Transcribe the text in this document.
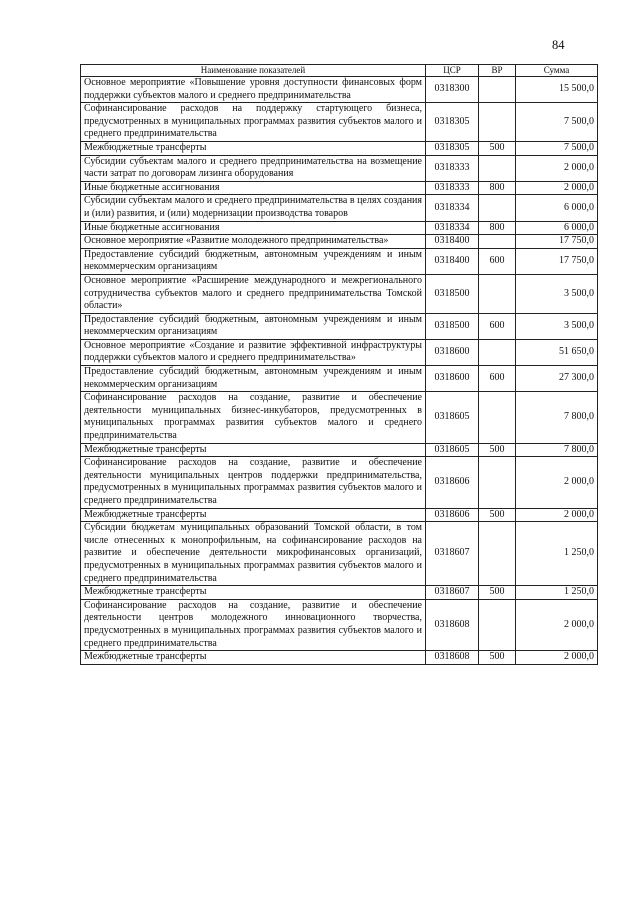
84
Наименование показателей	ЦСР	ВР	Сумма
Основное мероприятие «Повышение уровня доступности финансовых форм поддержки субъектов малого и среднего предпринимательства	0318300		15 500,0
Софинансирование расходов на поддержку стартующего бизнеса, предусмотренных в муниципальных программах развития субъектов малого и среднего предпринимательства	0318305		7 500,0
Межбюджетные трансферты	0318305	500	7 500,0
Субсидии субъектам малого и среднего предпринимательства на возмещение части затрат по договорам лизинга оборудования	0318333		2 000,0
Иные бюджетные ассигнования	0318333	800	2 000,0
Субсидии субъектам малого и среднего предпринимательства в целях создания и (или) развития, и (или) модернизации производства товаров	0318334		6 000,0
Иные бюджетные ассигнования	0318334	800	6 000,0
Основное мероприятие «Развитие молодежного предпринимательства»	0318400		17 750,0
Предоставление субсидий бюджетным, автономным учреждениям и иным некоммерческим организациям	0318400	600	17 750,0
Основное мероприятие «Расширение международного и межрегионального сотрудничества субъектов малого и среднего предпринимательства Томской области»	0318500		3 500,0
Предоставление субсидий бюджетным, автономным учреждениям и иным некоммерческим организациям	0318500	600	3 500,0
Основное мероприятие «Создание и развитие эффективной инфраструктуры поддержки субъектов малого и среднего предпринимательства»	0318600		51 650,0
Предоставление субсидий бюджетным, автономным учреждениям и иным некоммерческим организациям	0318600	600	27 300,0
Софинансирование расходов на создание, развитие и обеспечение деятельности муниципальных бизнес-инкубаторов, предусмотренных в муниципальных программах развития субъектов малого и среднего предпринимательства	0318605		7 800,0
Межбюджетные трансферты	0318605	500	7 800,0
Софинансирование расходов на создание, развитие и обеспечение деятельности муниципальных центров поддержки предпринимательства, предусмотренных в муниципальных программах развития субъектов малого и среднего предпринимательства	0318606		2 000,0
Межбюджетные трансферты	0318606	500	2 000,0
Субсидии бюджетам муниципальных образований Томской области, в том числе отнесенных к монопрофильным, на софинансирование расходов на развитие и обеспечение деятельности микрофинансовых организаций, предусмотренных в муниципальных программах развития субъектов малого и среднего предпринимательства	0318607		1 250,0
Межбюджетные трансферты	0318607	500	1 250,0
Софинансирование расходов на создание, развитие и обеспечение деятельности центров молодежного инновационного творчества, предусмотренных в муниципальных программах развития субъектов малого и среднего предпринимательства	0318608		2 000,0
Межбюджетные трансферты	0318608	500	2 000,0
